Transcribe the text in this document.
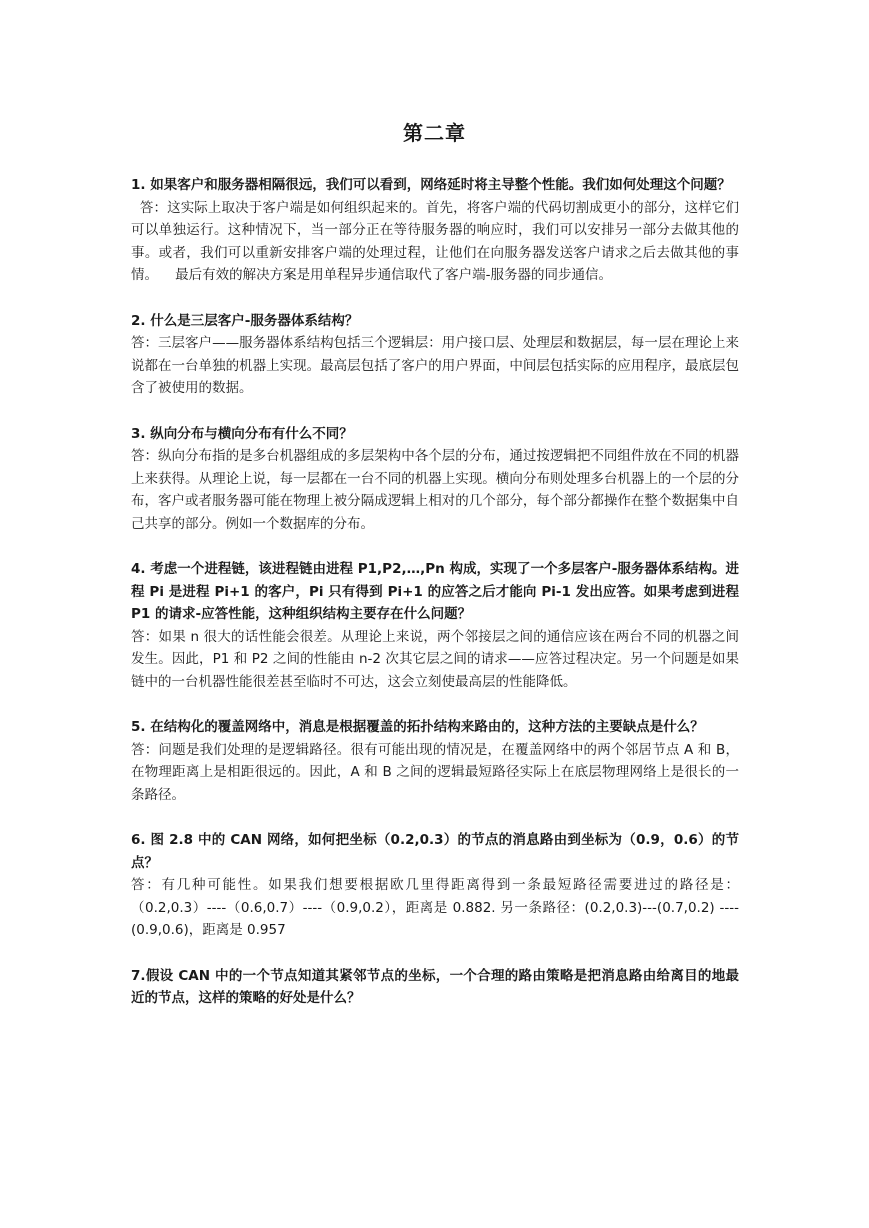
第二章

1. 如果客户和服务器相隔很远，我们可以看到，网络延时将主导整个性能。我们如何处理这个问题？

答：这实际上取决于客户端是如何组织起来的。首先，将客户端的代码切割成更小的部分，这样它们可以单独运行。这种情况下，当一部分正在等待服务器的响应时，我们可以安排另一部分去做其他的事。或者，我们可以重新安排客户端的处理过程，让他们在向服务器发送客户请求之后去做其他的事情。    最后有效的解决方案是用单程异步通信取代了客户端-服务器的同步通信。

2. 什么是三层客户-服务器体系结构？

答：三层客户——服务器体系结构包括三个逻辑层：用户接口层、处理层和数据层，每一层在理论上来说都在一台单独的机器上实现。最高层包括了客户的用户界面，中间层包括实际的应用程序，最底层包含了被使用的数据。

3. 纵向分布与横向分布有什么不同？

答：纵向分布指的是多台机器组成的多层架构中各个层的分布，通过按逻辑把不同组件放在不同的机器上来获得。从理论上说，每一层都在一台不同的机器上实现。横向分布则处理多台机器上的一个层的分布，客户或者服务器可能在物理上被分隔成逻辑上相对的几个部分，每个部分都操作在整个数据集中自己共享的部分。例如一个数据库的分布。

4. 考虑一个进程链，该进程链由进程 P1,P2,…,Pn 构成，实现了一个多层客户-服务器体系结构。进程 Pi 是进程 Pi+1 的客户，Pi 只有得到 Pi+1 的应答之后才能向 Pi-1 发出应答。如果考虑到进程 P1 的请求-应答性能，这种组织结构主要存在什么问题？

答：如果 n 很大的话性能会很差。从理论上来说，两个邻接层之间的通信应该在两台不同的机器之间发生。因此，P1 和 P2 之间的性能由 n-2 次其它层之间的请求——应答过程决定。另一个问题是如果链中的一台机器性能很差甚至临时不可达，这会立刻使最高层的性能降低。

5. 在结构化的覆盖网络中，消息是根据覆盖的拓扑结构来路由的，这种方法的主要缺点是什么？

答：问题是我们处理的是逻辑路径。很有可能出现的情况是，在覆盖网络中的两个邻居节点 A 和 B，在物理距离上是相距很远的。因此，A 和 B 之间的逻辑最短路径实际上在底层物理网络上是很长的一条路径。

6. 图 2.8 中的 CAN 网络，如何把坐标（0.2,0.3）的节点的消息路由到坐标为（0.9，0.6）的节点？

答：有几种可能性。如果我们想要根据欧几里得距离得到一条最短路径需要进过的路径是：（0.2,0.3）----（0.6,0.7）----（0.9,0.2），距离是 0.882. 另一条路径：(0.2,0.3)---(0.7,0.2) ----(0.9,0.6)，距离是 0.957

7.假设 CAN 中的一个节点知道其紧邻节点的坐标，一个合理的路由策略是把消息路由给离目的地最近的节点，这样的策略的好处是什么？
